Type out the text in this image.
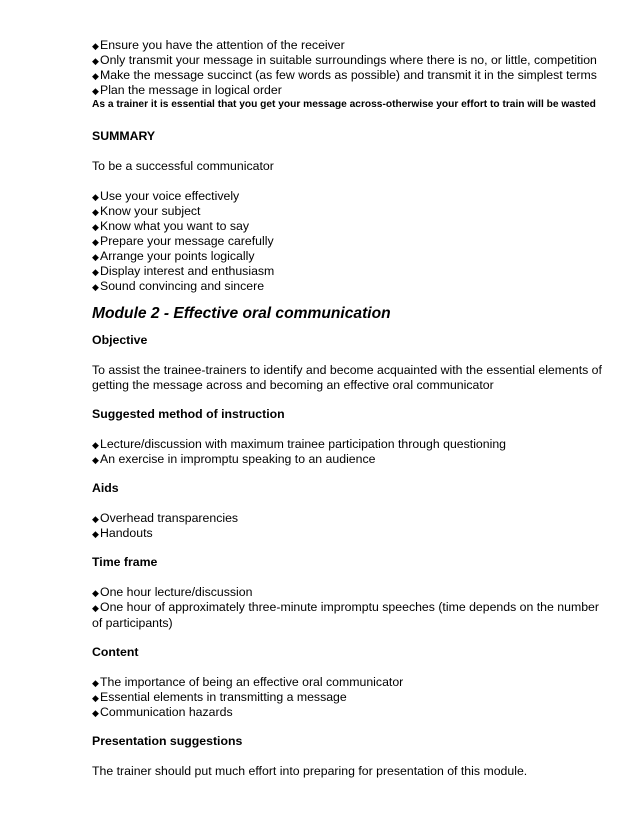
◆ Ensure you have the attention of the receiver
◆ Only transmit your message in suitable surroundings where there is no, or little, competition
◆ Make the message succinct (as few words as possible) and transmit it in the simplest terms
◆ Plan the message in logical order
As a trainer it is essential that you get your message across-otherwise your effort to train will be wasted
SUMMARY
To be a successful communicator
◆ Use your voice effectively
◆ Know your subject
◆ Know what you want to say
◆ Prepare your message carefully
◆ Arrange your points logically
◆ Display interest and enthusiasm
◆ Sound convincing and sincere
Module 2 - Effective oral communication
Objective
To assist the trainee-trainers to identify and become acquainted with the essential elements of getting the message across and becoming an effective oral communicator
Suggested method of instruction
◆ Lecture/discussion with maximum trainee participation through questioning
◆ An exercise in impromptu speaking to an audience
Aids
◆ Overhead transparencies
◆ Handouts
Time frame
◆ One hour lecture/discussion
◆One hour of approximately three-minute impromptu speeches (time depends on the number of participants)
Content
◆ The importance of being an effective oral communicator
◆ Essential elements in transmitting a message
◆ Communication hazards
Presentation suggestions
The trainer should put much effort into preparing for presentation of this module.
